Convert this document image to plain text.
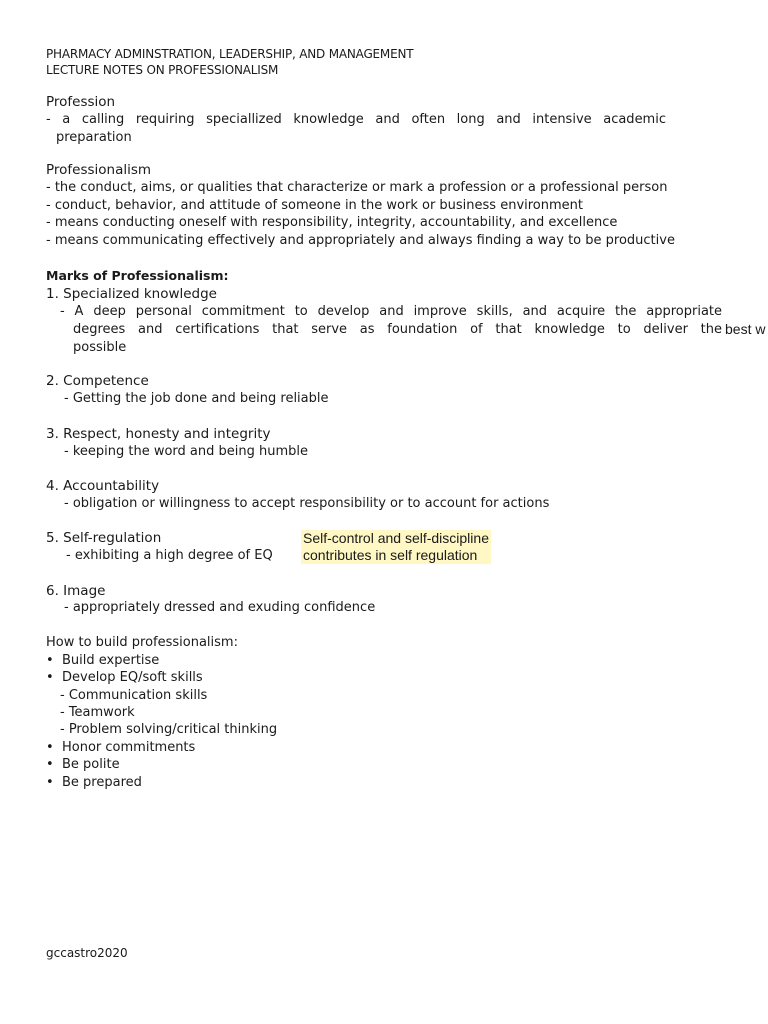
PHARMACY ADMINSTRATION, LEADERSHIP, AND MANAGEMENT
LECTURE NOTES ON PROFESSIONALISM
Profession
- a calling requiring speciallized knowledge and often long and intensive academic
preparation
Professionalism
- the conduct, aims, or qualities that characterize or mark a profession or a professional person
- conduct, behavior, and attitude of someone in the work or business environment
- means conducting oneself with responsibility, integrity, accountability, and excellence
- means communicating effectively and appropriately and always finding a way to be productive
Marks of Professionalism:
1. Specialized knowledge
- A deep personal commitment to develop and improve skills, and acquire the appropriate
degrees and certifications that serve as foundation of that knowledge to deliver the best w
possible
2. Competence
- Getting the job done and being reliable
3. Respect, honesty and integrity
- keeping the word and being humble
4. Accountability
- obligation or willingness to accept responsibility or to account for actions
5. Self-regulation
- exhibiting a high degree of EQ
Self-control and self-discipline
contributes in self regulation
6. Image
- appropriately dressed and exuding confidence
How to build professionalism:
• Build expertise
• Develop EQ/soft skills
- Communication skills
- Teamwork
- Problem solving/critical thinking
• Honor commitments
• Be polite
• Be prepared
gccastro2020
